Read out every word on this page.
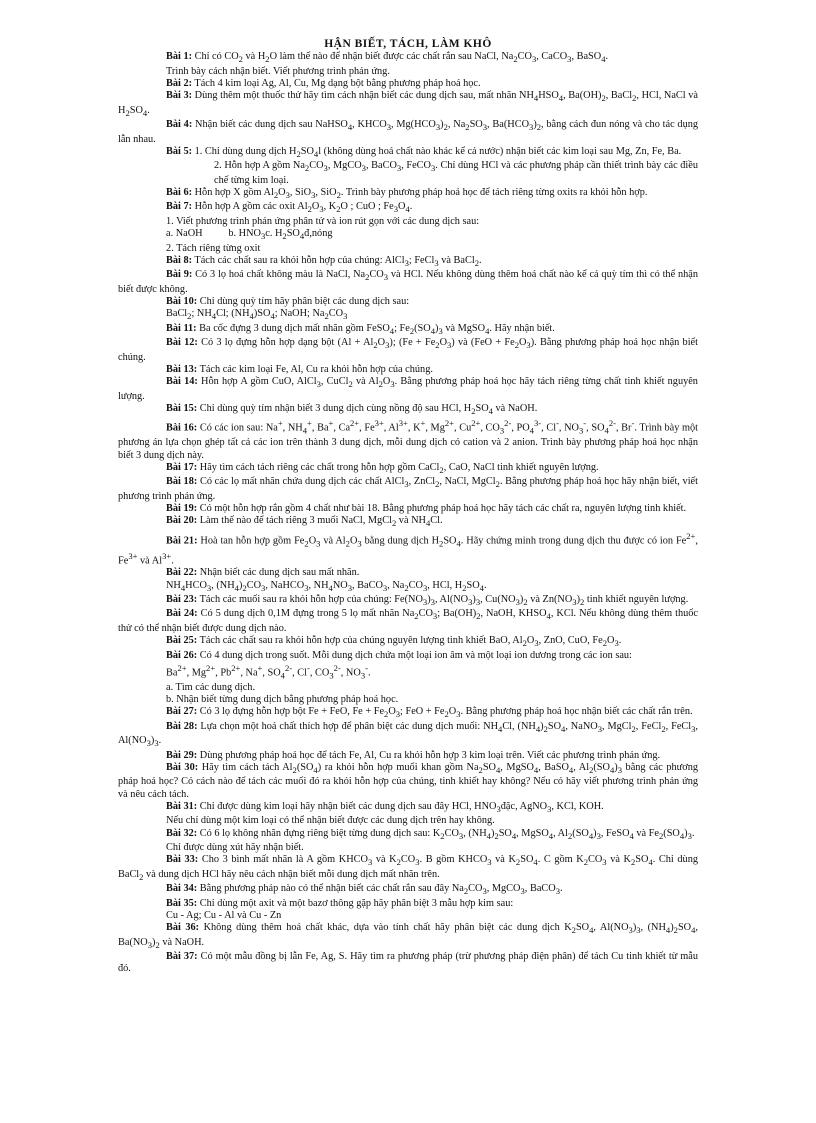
HẬN BIẾT, TÁCH, LÀM KHÔ

Bài 1: Chỉ có $CO_2$ và $H_2O$ làm thế nào để nhận biết được các chất rắn sau NaCl, $Na_2CO_3$, CaCO$_3$, BaSO$_4$.

Trình bày cách nhận biết. Viết phương trình phản ứng.

Bài 2: Tách 4 kim loại Ag, Al, Cu, Mg dạng bột bằng phương pháp hoá học.

Bài 3: Dùng thêm một thuốc thử hãy tìm cách nhận biết các dung dịch sau, mất nhãn $NH_4HSO_4$, $Ba(OH)_2$, BaCl$_2$, HCl, NaCl và $H_2SO_4$.

Bài 4: Nhận biết các dung dịch sau NaHSO$_4$, $KHCO_3$, $Mg(HCO_3)_2$, $Na_2SO_3$, $Ba(HCO_3)_2$, bằng cách đun nóng và cho tác dụng lẫn nhau.

Bài 5: 1. Chỉ dùng dung dịch $H_2SO_4l$ (không dùng hoá chất nào khác kể cả nước) nhận biết các kim loại sau Mg, Zn, Fe, Ba.

2. Hỗn hợp A gồm $Na_2CO_3$, MgCO$_3$, BaCO$_3$, FeCO$_3$. Chỉ dùng HCl và các phương pháp cần thiết trình bày các điều chế từng kim loại.

Bài 6: Hỗn hợp X gồm $Al_2O_3$, SiO$_3$, SiO$_2$. Trình bày phương pháp hoá học để tách riêng từng oxits ra khỏi hỗn hợp.

Bài 7: Hỗn hợp A gồm các oxit $Al_2O_3$, $K_2O$ ; CuO ; $Fe_3O_4$.

1. Viết phương trình phản ứng phân tử và ion rút gọn với các dung dịch sau:

a. NaOH          b. $HNO_3c$. $H_2SO_4đ,nóng$

2. Tách riêng từng oxit

Bài 8: Tách các chất sau ra khỏi hỗn hợp của chúng: AlCl$_3$; FeCl$_3$ và BaCl$_2$.

Bài 9: Có 3 lọ hoá chất không màu là NaCl, $Na_2CO_3$ và HCl. Nếu không dùng thêm hoá chất nào kể cả quỳ tím thì có thể nhận biết được không.

Bài 10: Chỉ dùng quỳ tím hãy phân biệt các dung dịch sau:

BaCl$_2$; $NH_4Cl$; $(NH_4)SO_4$; NaOH; $Na_2CO_3$

Bài 11: Ba cốc đựng 3 dung dịch mất nhãn gồm FeSO$_4$; $Fe_2(SO_4)_3$ và MgSO$_4$. Hãy nhận biết.

Bài 12: Có 3 lọ đựng hỗn hợp dạng bột $(Al + Al_2O_3)$; $(Fe + Fe_2O_3)$ và $(FeO + Fe_2O_3)$. Bằng phương pháp hoá học nhận biết chúng.

Bài 13: Tách các kim loại Fe, Al, Cu ra khỏi hỗn hợp của chúng.

Bài 14: Hỗn hợp A gồm CuO, AlCl$_3$, CuCl$_2$ và $Al_2O_3$. Bằng phương pháp hoá học hãy tách riêng từng chất tinh khiết nguyên lượng.

Bài 15: Chỉ dùng quỳ tím nhận biết 3 dung dịch cùng nồng độ sau HCl, $H_2SO_4$ và NaOH.

Bài 16: Có các ion sau: Na+, $NH_4^+$, Ba+, $Ca^{2+}$, $Fe^{3+}$, $Al^{3+}$, K+, $Mg^{2+}$, $Cu^{2+}$, $CO_3^{2-}$, $PO_4^{3-}$, Cl-, $NO_3^-$, $SO_4^{2-}$, Br-. Trình bày một phương án lựa chọn ghép tất cả các ion trên thành 3 dung dịch, mỗi dung dịch có cation và 2 anion. Trình bày phương pháp hoá học nhận biết 3 dung dịch này.

Bài 17: Hãy tìm cách tách riêng các chất trong hỗn hợp gồm CaCl$_2$, CaO, NaCl tinh khiết nguyên lượng.

Bài 18: Có các lọ mất nhãn chứa dung dịch các chất AlCl$_3$, ZnCl$_2$, NaCl, MgCl$_2$. Bằng phương pháp hoá học hãy nhận biết, viết phương trình phản ứng.

Bài 19: Có một hỗn hợp rắn gồm 4 chất như bài 18. Bằng phương pháp hoá học hãy tách các chất ra, nguyên lượng tinh khiết.

Bài 20: Làm thế nào để tách riêng 3 muối NaCl, MgCl$_2$ và $NH_4Cl$.

Bài 21: Hoà tan hỗn hợp gồm $Fe_2O_3$ và $Al_2O_3$ bằng dung dịch $H_2SO_4$. Hãy chứng minh trong dung dịch thu được có ion $Fe^{2+}$, $Fe^{3+}$ và $Al^{3+}$.

Bài 22: Nhận biết các dung dịch sau mất nhãn.

$NH_4HCO_3$, $(NH_4)_2CO_3$, NaHCO$_3$, $NH_4NO_3$, BaCO$_3$, $Na_2CO_3$, HCl, $H_2SO_4$.

Bài 23: Tách các muối sau ra khỏi hỗn hợp của chúng: $Fe(NO_3)_3$, $Al(NO_3)_3$, $Cu(NO_3)_2$ và $Zn(NO_3)_2$ tinh khiết nguyên lượng.

Bài 24: Có 5 dung dịch 0,1M đựng trong 5 lọ mất nhãn $Na_2CO_3$; $Ba(OH)_2$, NaOH, $KHSO_4$, KCl. Nếu không dùng thêm thuốc thử có thể nhận biết được dung dịch nào.

Bài 25: Tách các chất sau ra khỏi hỗn hợp của chúng nguyên lượng tinh khiết BaO, $Al_2O_3$, ZnO, CuO, $Fe_2O_3$.

Bài 26: Có 4 dung dịch trong suốt. Mỗi dung dịch chứa một loại ion âm và một loại ion dương trong các ion sau:

$Ba^{2+}$, $Mg^{2+}$, $Pb^{2+}$, Na+, $SO_4^{2-}$, Cl-, $CO_3^{2-}$, $NO_3^-$.

a. Tìm các dung dịch.

b. Nhận biết từng dung dịch bằng phương pháp hoá học.

Bài 27: Có 3 lọ đựng hỗn hợp bột Fe + FeO, $Fe + Fe_2O_3$; FeO + $Fe_2O_3$. Bằng phương pháp hoá học nhận biết các chất rắn trên.

Bài 28: Lựa chọn một hoá chất thích hợp để phân biệt các dung dịch muối: $NH_4Cl$, $(NH_4)_2SO_4$, NaNO$_3$, MgCl$_2$, FeCl$_2$, FeCl$_3$, $Al(NO_3)_3$.

Bài 29: Dùng phương pháp hoá học để tách Fe, Al, Cu ra khỏi hỗn hợp 3 kim loại trên. Viết các phương trình phản ứng.

Bài 30: Hãy tìm cách tách $Al_2(SO_4)$ ra khỏi hỗn hợp muối khan gồm $Na_2SO_4$, MgSO$_4$, BaSO$_4$, $Al_2(SO_4)_3$ bằng các phương pháp hoá học? Có cách nào để tách các muối đó ra khỏi hỗn hợp của chúng, tinh khiết hay không? Nếu có hãy viết phương trình phản ứng và nêu cách tách.

Bài 31: Chỉ được dùng kim loại hãy nhận biết các dung dịch sau đây HCl, $HNO_3đặc$, AgNO$_3$, KCl, KOH.

Nếu chỉ dùng một kim loại có thể nhận biết được các dung dịch trên hay không.

Bài 32: Có 6 lọ không nhãn đựng riêng biệt từng dung dịch sau: $K_2CO_3$, $(NH_4)_2SO_4$, MgSO$_4$, $Al_2(SO_4)_3$, FeSO$_4$ và $Fe_2(SO_4)_3$.

Chỉ được dùng xút hãy nhận biết.

Bài 33: Cho 3 bình mất nhãn là A gồm $KHCO_3$ và $K_2CO_3$. B gồm $KHCO_3$ và $K_2SO_4$. C gồm $K_2CO_3$ và $K_2SO_4$. Chỉ dùng BaCl$_2$ và dung dịch HCl hãy nêu cách nhận biết mỗi dung dịch mất nhãn trên.

Bài 34: Bằng phương pháp nào có thể nhận biết các chất rắn sau đây $Na_2CO_3$, MgCO$_3$, BaCO$_3$.

Bài 35: Chỉ dùng một axit và một bazơ thông gặp hãy phân biệt 3 mẫu hợp kim sau:

Cu - Ag; Cu - Al và Cu - Zn

Bài 36: Không dùng thêm hoá chất khác, dựa vào tính chất hãy phân biệt các dung dịch $K_2SO_4$, $Al(NO_3)_3$, $(NH_4)_2SO_4$, $Ba(NO_3)_2$ và NaOH.

Bài 37: Có một mẫu đồng bị lẫn Fe, Ag, S. Hãy tìm ra phương pháp (trừ phương pháp điện phân) để tách Cu tinh khiết từ mẫu đó.
